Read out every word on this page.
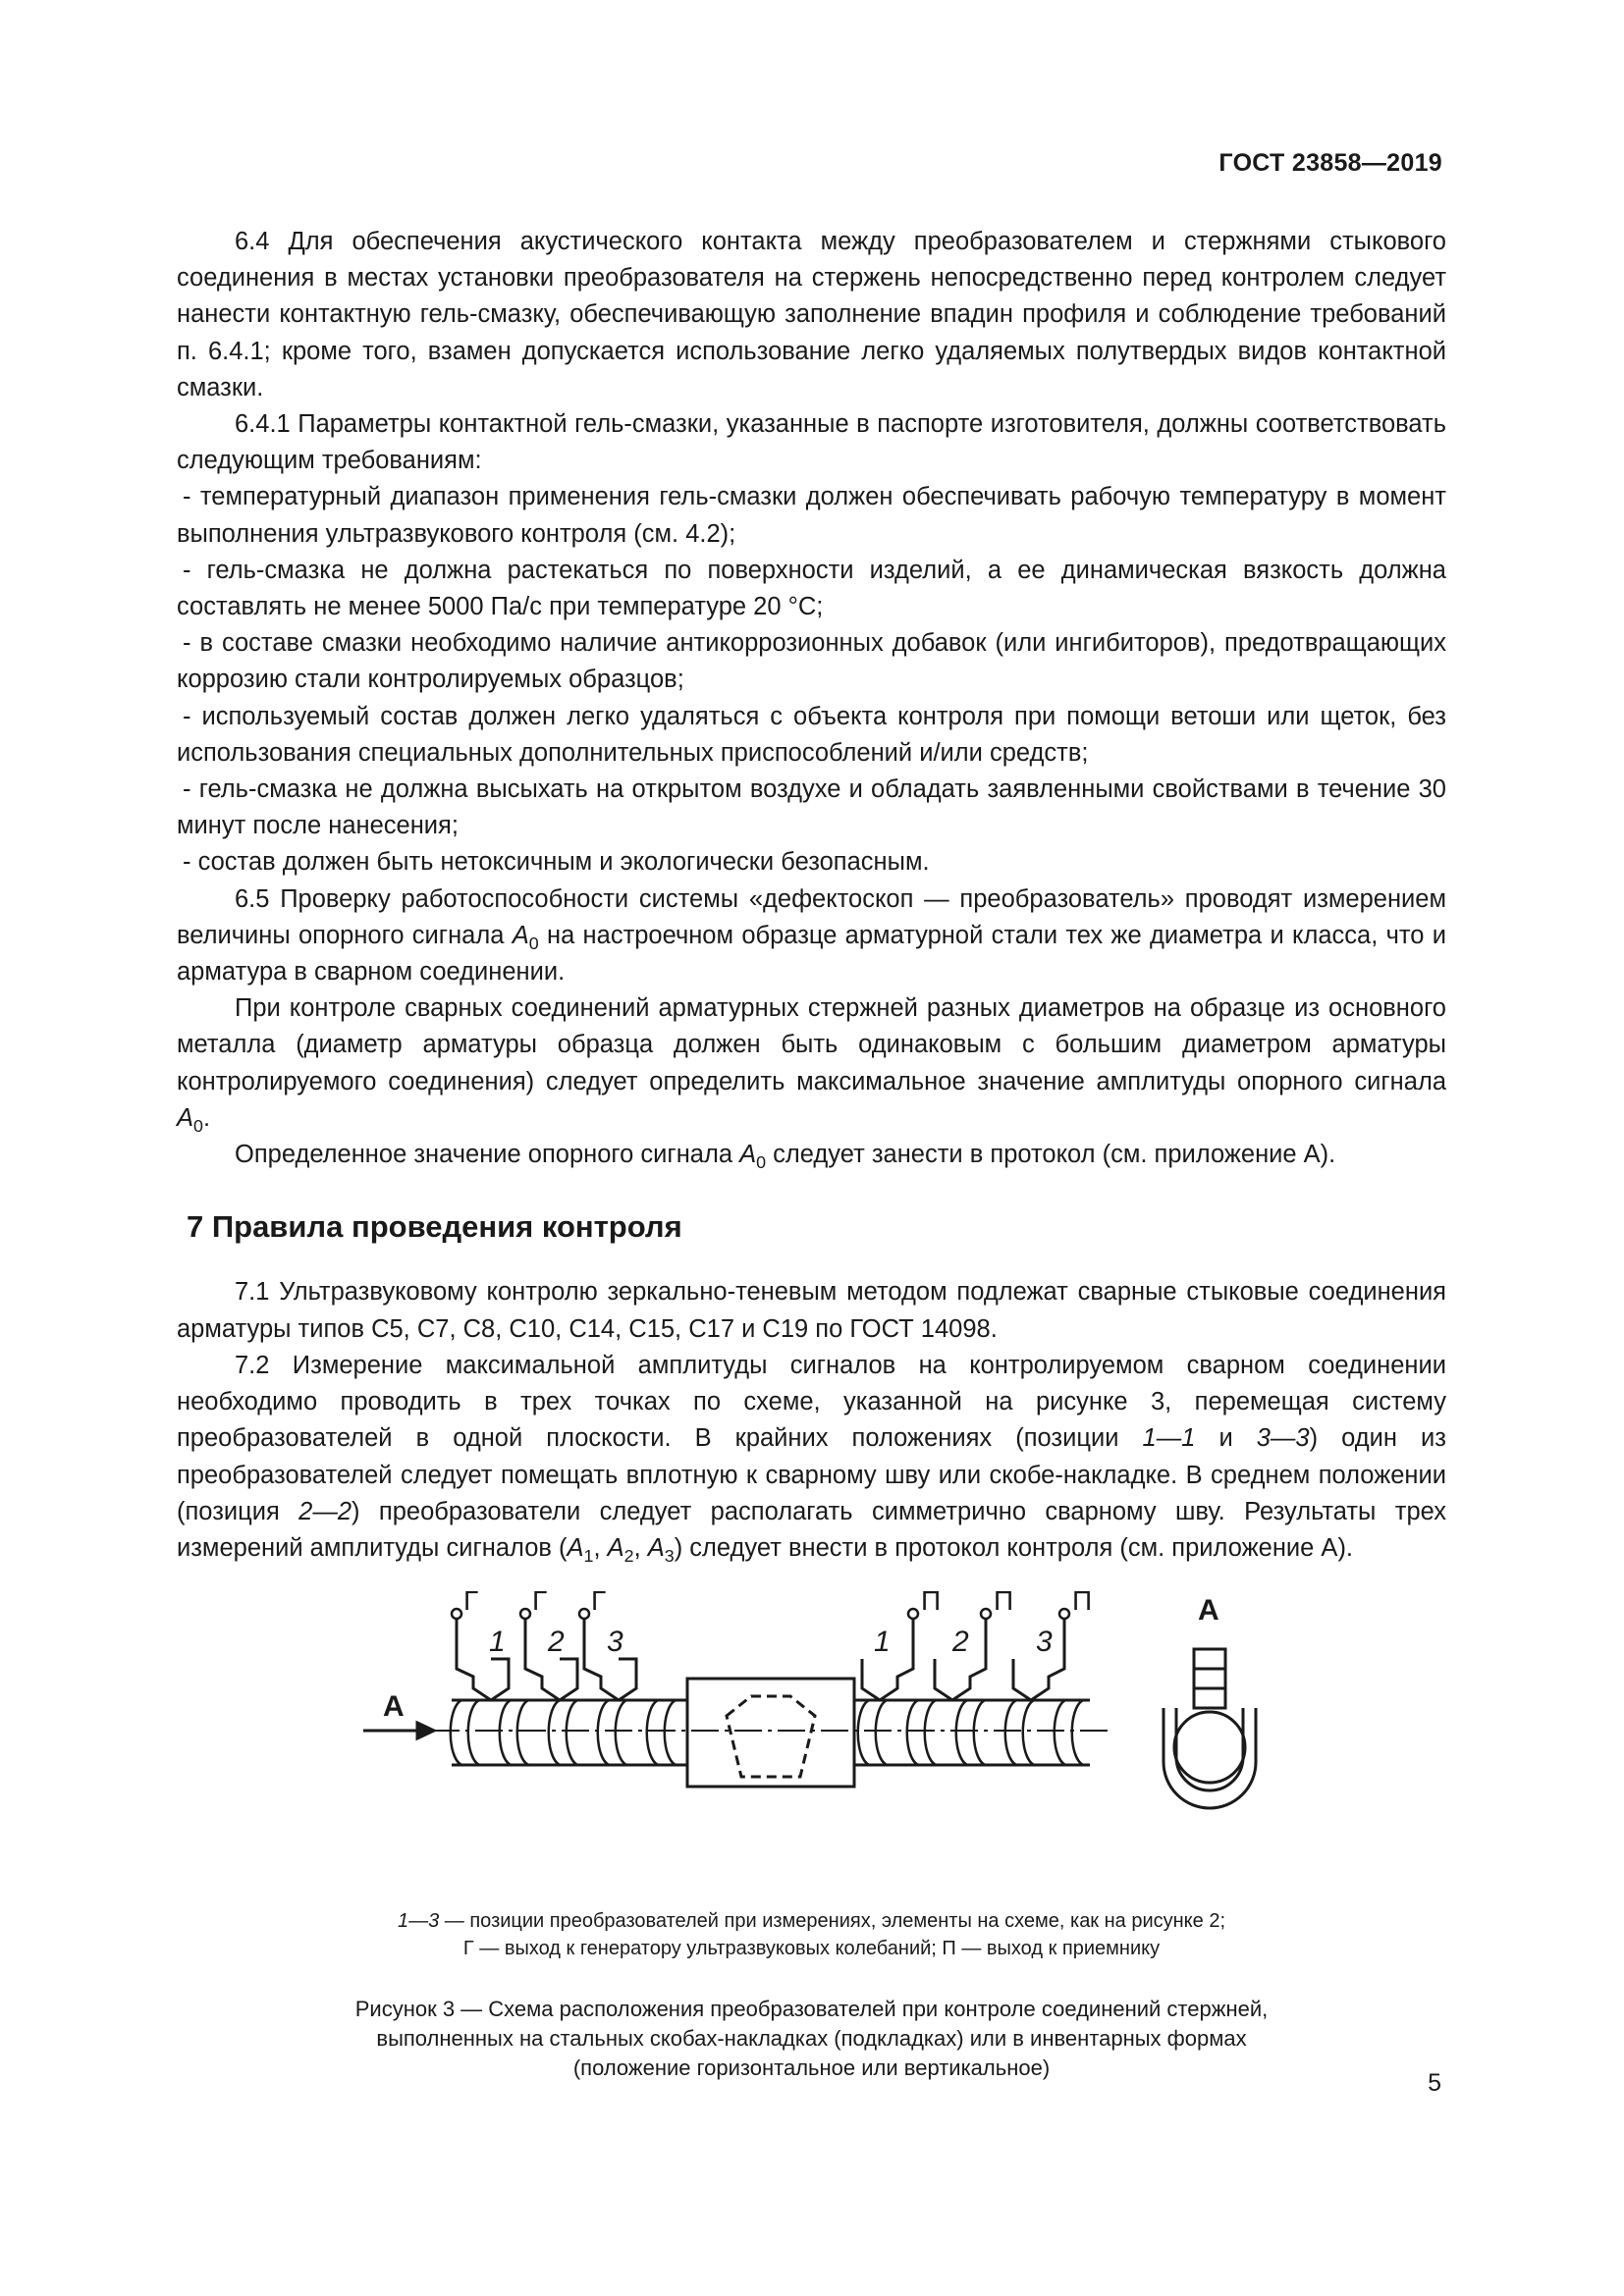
ГОСТ 23858—2019

6.4 Для обеспечения акустического контакта между преобразователем и стержнями стыкового соединения в местах установки преобразователя на стержень непосредственно перед контролем следует нанести контактную гель-смазку, обеспечивающую заполнение впадин профиля и соблюдение требований п. 6.4.1; кроме того, взамен допускается использование легко удаляемых полутвердых видов контактной смазки.

6.4.1 Параметры контактной гель-смазки, указанные в паспорте изготовителя, должны соответствовать следующим требованиям:

- температурный диапазон применения гель-смазки должен обеспечивать рабочую температуру в момент выполнения ультразвукового контроля (см. 4.2);

- гель-смазка не должна растекаться по поверхности изделий, а ее динамическая вязкость должна составлять не менее 5000 Па/с при температуре 20 °С;

- в составе смазки необходимо наличие антикоррозионных добавок (или ингибиторов), предотвращающих коррозию стали контролируемых образцов;

- используемый состав должен легко удаляться с объекта контроля при помощи ветоши или щеток, без использования специальных дополнительных приспособлений и/или средств;

- гель-смазка не должна высыхать на открытом воздухе и обладать заявленными свойствами в течение 30 минут после нанесения;

- состав должен быть нетоксичным и экологически безопасным.

6.5 Проверку работоспособности системы «дефектоскоп — преобразователь» проводят измерением величины опорного сигнала $A_0$ на настроечном образце арматурной стали тех же диаметра и класса, что и арматура в сварном соединении.

При контроле сварных соединений арматурных стержней разных диаметров на образце из основного металла (диаметр арматуры образца должен быть одинаковым с большим диаметром арматуры контролируемого соединения) следует определить максимальное значение амплитуды опорного сигнала $A_0$.

Определенное значение опорного сигнала $A_0$ следует занести в протокол (см. приложение А).

7 Правила проведения контроля

7.1 Ультразвуковому контролю зеркально-теневым методом подлежат сварные стыковые соединения арматуры типов С5, С7, С8, С10, С14, С15, С17 и С19 по ГОСТ 14098.

7.2 Измерение максимальной амплитуды сигналов на контролируемом сварном соединении необходимо проводить в трех точках по схеме, указанной на рисунке 3, перемещая систему преобразователей в одной плоскости. В крайних положениях (позиции 1—1 и 3—3) один из преобразователей следует помещать вплотную к сварному шву или скобе-накладке. В среднем положении (позиция 2—2) преобразователи следует располагать симметрично сварному шву. Результаты трех измерений амплитуды сигналов ($A_1$, $A_2$, $A_3$) следует внести в протокол контроля (см. приложение А).

Г Г Г	П П П
1 2 3	1 2 3
А
А
1—3 — позиции преобразователей при измерениях, элементы на схеме, как на рисунке 2;
Г — выход к генератору ультразвуковых колебаний; П — выход к приемнику
Рисунок 3 — Схема расположения преобразователей при контроле соединений стержней,
выполненных на стальных скобах-накладках (подкладках) или в инвентарных формах
(положение горизонтальное или вертикальное)
5
